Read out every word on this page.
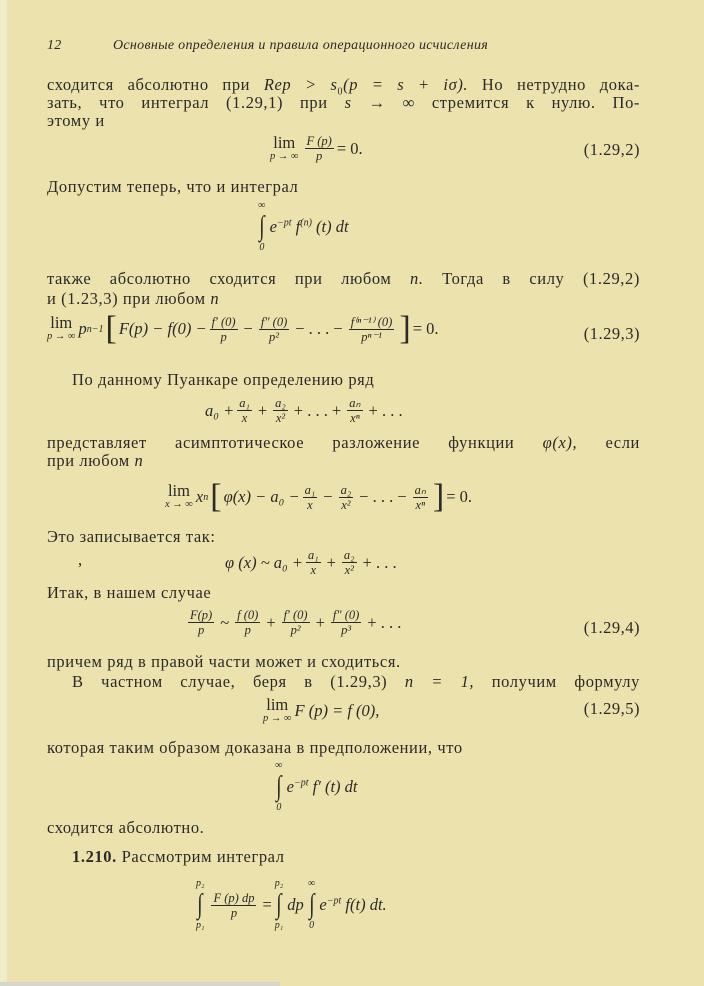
12	Основные определения и правила операционного исчисления
сходится абсолютно при Rep > $s_0(p = s + i\sigma)$. Но нетрудно дока-
зать, что интеграл (1.29,1) при s → ∞ стремится к нулю. По-
этому и
lim
p → ∞ $\frac{F (p)}{p} = 0$.	(1.29,2)
Допустим теперь, что и интеграл
∞
∫
0
$e^{-pt}$ $f^{(n)}$ (t) dt
также абсолютно сходится при любом n. Тогда в силу (1.29,2)
и (1.23,3) при любом n
lim
p → ∞ p n−1 [ $F(p) - f(0) - \frac{f' (0)}{p} - \frac{f'' (0)}{\text{p²}}$ − . . . − $\frac{\text{f⁽ⁿ⁻¹⁾ (0)}}{\text{pⁿ⁻¹}}$ ] = 0.	(1.29,3)
По данному Пуанкаре определению ряд
$a_0 + \frac{\text{a₁}}{x} + \frac{\text{a₂}}{\text{x²}}$ + . . . + $\frac{\text{aₙ}}{\text{xⁿ}}$ + . . .
представляет асимптотическое разложение функции φ(x), если
при любом n
lim
x → ∞ x n [ $\varphi(x) - a_0 - \frac{\text{a₁}}{x} - \frac{\text{a₂}}{\text{x²}}$ − . . . − $\frac{\text{aₙ}}{\text{xⁿ}}$ ] = 0.
Это записывается так:
,	φ (x) ~ $a_0 + \frac{\text{a₁}}{x} + \frac{\text{a₂}}{\text{x²}}$ + . . .
Итак, в нашем случае
$\frac{F(p)}{p}$ ~ $\frac{f (0)}{p} + \frac{f' (0)}{\text{p²}} + \frac{f'' (0)}{\text{p³}}$ + . . .	(1.29,4)
причем ряд в правой части может и сходиться.
В частном случае, беря в (1.29,3) n = 1, получим формулу
lim
p → ∞ F (p) = f (0),	(1.29,5)
которая таким образом доказана в предположении, что
∞
∫
0
$e^{-pt}$ f′ (t) dt
сходится абсолютно.
1.210. Рассмотрим интеграл
p₂
∫
p₁
$\frac{F (p) dp}{p}$ =
p₂
∫
p₁
dp
∞
∫
0
$e^{-pt}$ f(t) dt.
